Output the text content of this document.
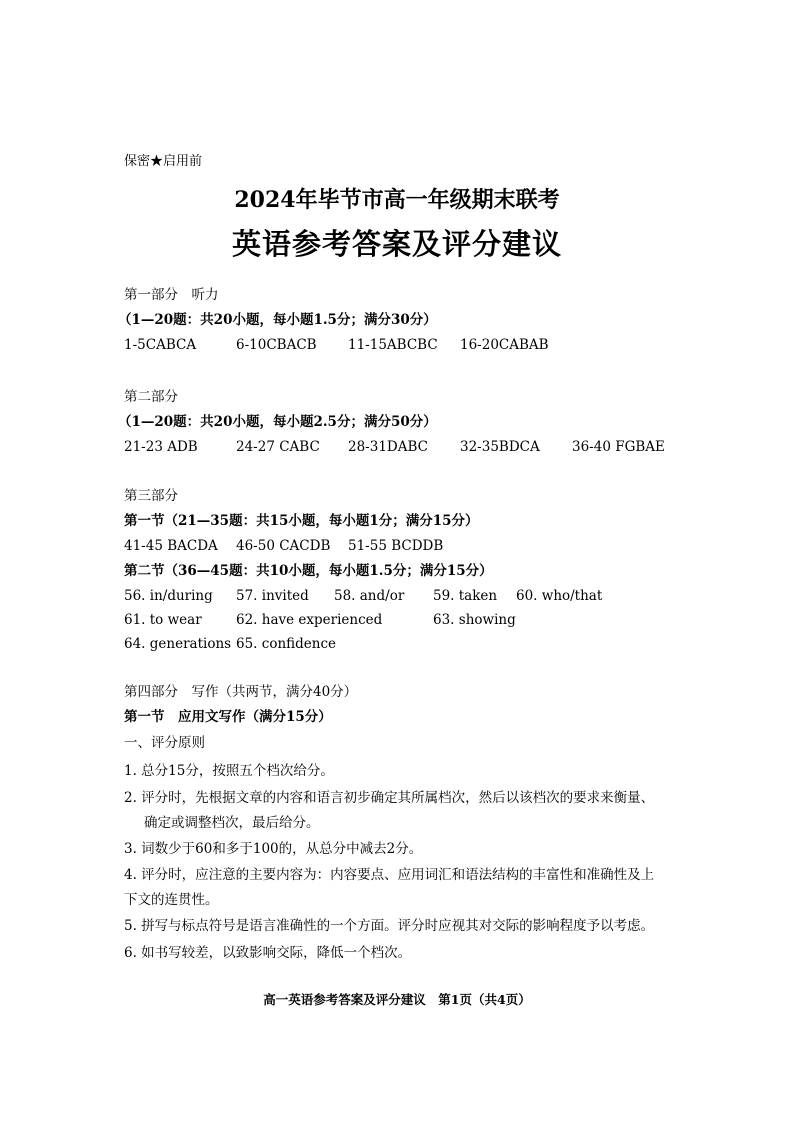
保密★启用前
2024年毕节市高一年级期末联考
英语参考答案及评分建议
第一部分　听力
（1—20题：共20小题，每小题1.5分；满分30分）
1-5CABCA	6-10CBACB 11-15ABCBC 16-20CABAB
第二部分
（1—20题：共20小题，每小题2.5分；满分50分）
21-23 ADB	24-27 CABC 28-31DABC 32-35BDCA 36-40 FGBAE
第三部分
第一节（21—35题：共15小题，每小题1分；满分15分）
41-45 BACDA 46-50 CACDB 51-55 BCDDB
第二节（36—45题：共10小题，每小题1.5分；满分15分）
56. in/during 57. invited 58. and/or 59. taken 60. who/that
61. to wear	62. have experienced	63. showing
64. generations 65. confidence
第四部分　写作（共两节，满分40分）
第一节　应用文写作（满分15分）
一、评分原则
1. 总分15分，按照五个档次给分。
2. 评分时，先根据文章的内容和语言初步确定其所属档次，然后以该档次的要求来衡量、
确定或调整档次，最后给分。
3. 词数少于60和多于100的，从总分中减去2分。
4. 评分时，应注意的主要内容为：内容要点、应用词汇和语法结构的丰富性和准确性及上
下文的连贯性。
5. 拼写与标点符号是语言准确性的一个方面。评分时应视其对交际的影响程度予以考虑。
6. 如书写较差，以致影响交际，降低一个档次。
高一英语参考答案及评分建议　第1页（共4页）
